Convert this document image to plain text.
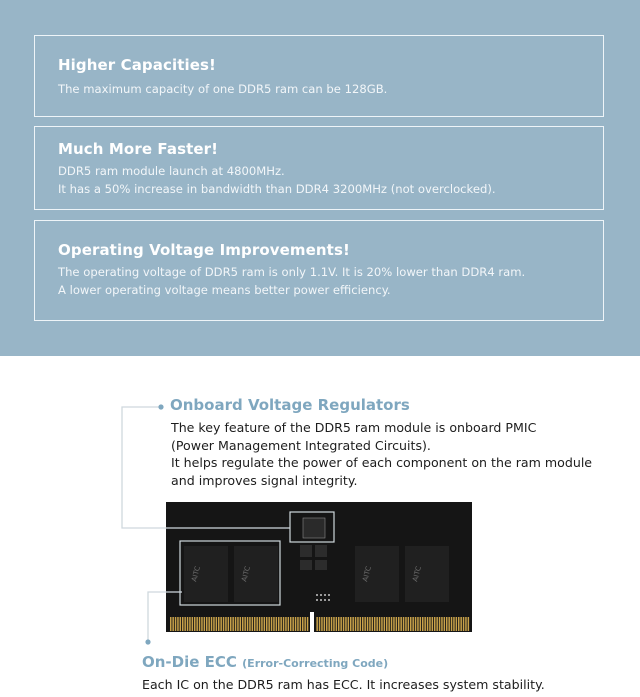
Higher Capacities!

The maximum capacity of one DDR5 ram can be 128GB.

Much More Faster!

DDR5 ram module launch at 4800MHz.

It has a 50% increase in bandwidth than DDR4 3200MHz (not overclocked).

Operating Voltage Improvements!

The operating voltage of DDR5 ram is only 1.1V. It is 20% lower than DDR4 ram.

A lower operating voltage means better power efficiency.

Onboard Voltage Regulators
The key feature of the DDR5 ram module is onboard PMIC
(Power Management Integrated Circuits).
It helps regulate the power of each component on the ram module
and improves signal integrity.
AITC	AITC	AITC	AITC
On-Die ECC (Error-Correcting Code)
Each IC on the DDR5 ram has ECC. It increases system stability.
